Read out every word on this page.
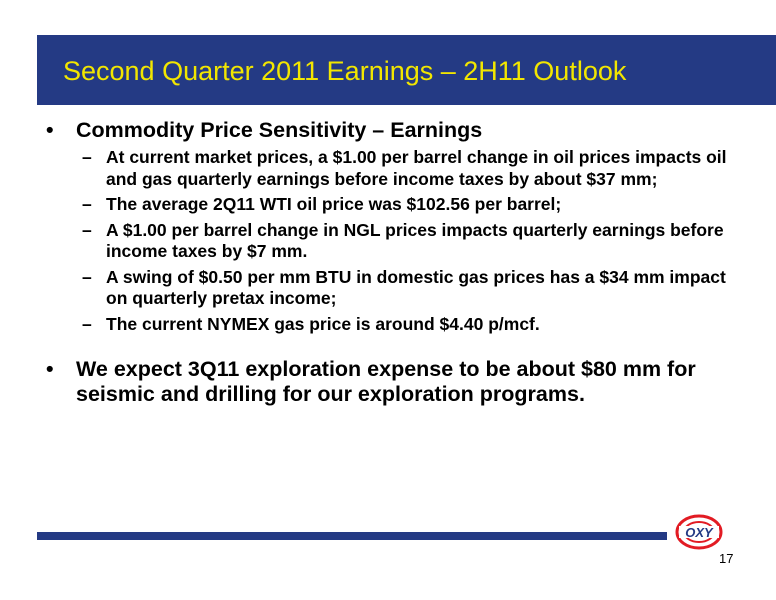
Second Quarter 2011 Earnings – 2H11 Outlook
• Commodity Price Sensitivity – Earnings
– At current market prices, a $1.00 per barrel change in oil prices impacts oil and gas quarterly earnings before income taxes by about $37 mm;
– The average 2Q11 WTI oil price was $102.56 per barrel;
– A $1.00 per barrel change in NGL prices impacts quarterly earnings before income taxes by $7 mm.
– A swing of $0.50 per mm BTU in domestic gas prices has a $34 mm impact on quarterly pretax income;
– The current NYMEX gas price is around $4.40 p/mcf.
• We expect 3Q11 exploration expense to be about $80 mm for seismic and drilling for our exploration programs.
OXY
17
